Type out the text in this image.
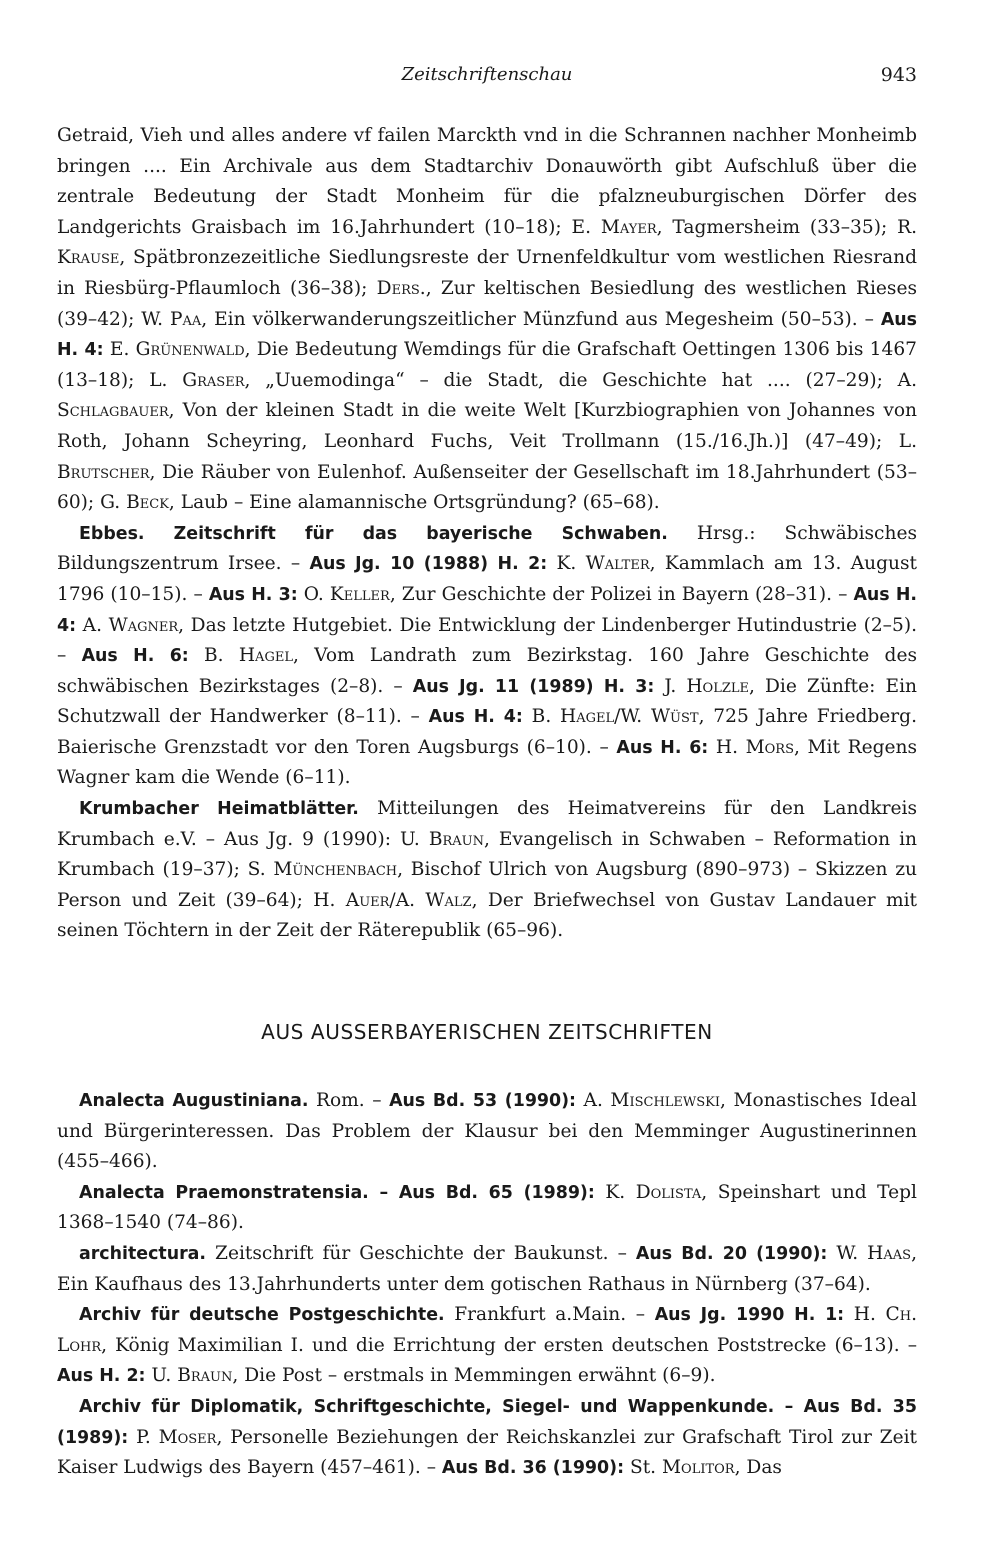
Zeitschriftenschau	943

Getraid, Vieh und alles andere vf failen Marckth vnd in die Schrannen nachher Monheimb bringen .... Ein Archivale aus dem Stadtarchiv Donauwörth gibt Aufschluß über die zentrale Bedeutung der Stadt Monheim für die pfalzneuburgischen Dörfer des Landgerichts Graisbach im 16.Jahrhundert (10–18); E. Mayer, Tagmersheim (33–35); R. Krause, Spätbronzezeitliche Siedlungsreste der Urnenfeldkultur vom westlichen Riesrand in Riesbürg-Pflaumloch (36–38); Ders., Zur keltischen Besiedlung des westlichen Rieses (39–42); W. Paa, Ein völkerwanderungszeitlicher Münzfund aus Megesheim (50–53). – Aus H. 4: E. Grünenwald, Die Bedeutung Wemdings für die Grafschaft Oettingen 1306 bis 1467 (13–18); L. Graser, „Uuemodinga“ – die Stadt, die Geschichte hat .... (27–29); A. Schlagbauer, Von der kleinen Stadt in die weite Welt [Kurzbiographien von Johannes von Roth, Johann Scheyring, Leonhard Fuchs, Veit Trollmann (15./16.Jh.)] (47–49); L. Brutscher, Die Räuber von Eulenhof. Außenseiter der Gesellschaft im 18.Jahrhundert (53–60); G. Beck, Laub – Eine alamannische Ortsgründung? (65–68).

Ebbes. Zeitschrift für das bayerische Schwaben. Hrsg.: Schwäbisches Bildungszentrum Irsee. – Aus Jg. 10 (1988) H. 2: K. Walter, Kammlach am 13. August 1796 (10–15). – Aus H. 3: O. Keller, Zur Geschichte der Polizei in Bayern (28–31). – Aus H. 4: A. Wagner, Das letzte Hutgebiet. Die Entwicklung der Lindenberger Hutindustrie (2–5). – Aus H. 6: B. Hagel, Vom Landrath zum Bezirkstag. 160 Jahre Geschichte des schwäbischen Bezirkstages (2–8). – Aus Jg. 11 (1989) H. 3: J. Holzle, Die Zünfte: Ein Schutzwall der Handwerker (8–11). – Aus H. 4: B. Hagel/W. Wüst, 725 Jahre Friedberg. Baierische Grenzstadt vor den Toren Augsburgs (6–10). – Aus H. 6: H. Mors, Mit Regens Wagner kam die Wende (6–11).

Krumbacher Heimatblätter. Mitteilungen des Heimatvereins für den Landkreis Krumbach e.V. – Aus Jg. 9 (1990): U. Braun, Evangelisch in Schwaben – Reformation in Krumbach (19–37); S. Münchenbach, Bischof Ulrich von Augsburg (890–973) – Skizzen zu Person und Zeit (39–64); H. Auer/A. Walz, Der Briefwechsel von Gustav Landauer mit seinen Töchtern in der Zeit der Räterepublik (65–96).

AUS AUSSERBAYERISCHEN ZEITSCHRIFTEN

Analecta Augustiniana. Rom. – Aus Bd. 53 (1990): A. Mischlewski, Monastisches Ideal und Bürgerinteressen. Das Problem der Klausur bei den Memminger Augustinerinnen (455–466).

Analecta Praemonstratensia. – Aus Bd. 65 (1989): K. Dolista, Speinshart und Tepl 1368–1540 (74–86).

architectura. Zeitschrift für Geschichte der Baukunst. – Aus Bd. 20 (1990): W. Haas, Ein Kaufhaus des 13.Jahrhunderts unter dem gotischen Rathaus in Nürnberg (37–64).

Archiv für deutsche Postgeschichte. Frankfurt a.Main. – Aus Jg. 1990 H. 1: H. Ch. Lohr, König Maximilian I. und die Errichtung der ersten deutschen Poststrecke (6–13). – Aus H. 2: U. Braun, Die Post – erstmals in Memmingen erwähnt (6–9).

Archiv für Diplomatik, Schriftgeschichte, Siegel- und Wappenkunde. – Aus Bd. 35 (1989): P. Moser, Personelle Beziehungen der Reichskanzlei zur Grafschaft Tirol zur Zeit Kaiser Ludwigs des Bayern (457–461). – Aus Bd. 36 (1990): St. Molitor, Das
